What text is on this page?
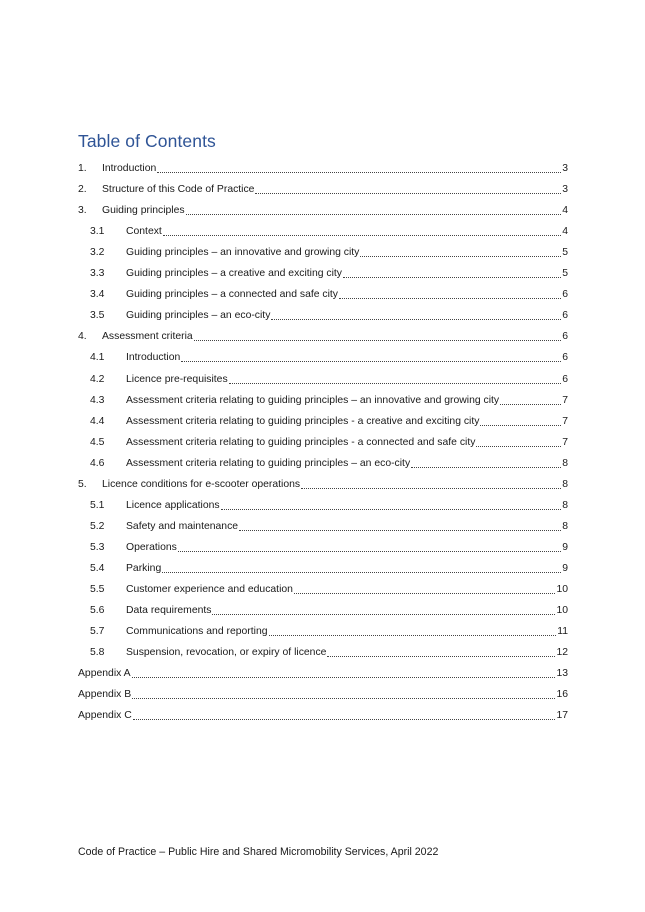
Table of Contents
1.	Introduction	3
2.	Structure of this Code of Practice	3
3.	Guiding principles	4
3.1	Context	4
3.2	Guiding principles – an innovative and growing city	5
3.3	Guiding principles – a creative and exciting city	5
3.4	Guiding principles – a connected and safe city	6
3.5	Guiding principles – an eco-city	6
4.	Assessment criteria	6
4.1	Introduction	6
4.2	Licence pre-requisites	6
4.3	Assessment criteria relating to guiding principles – an innovative and growing city	7
4.4	Assessment criteria relating to guiding principles - a creative and exciting city	7
4.5	Assessment criteria relating to guiding principles - a connected and safe city	7
4.6	Assessment criteria relating to guiding principles – an eco-city	8
5.	Licence conditions for e-scooter operations	8
5.1	Licence applications	8
5.2	Safety and maintenance	8
5.3	Operations	9
5.4	Parking	9
5.5	Customer experience and education	10
5.6	Data requirements	10
5.7	Communications and reporting	11
5.8	Suspension, revocation, or expiry of licence	12
Appendix A	13
Appendix B	16
Appendix C	17
Code of Practice – Public Hire and Shared Micromobility Services, April 2022
